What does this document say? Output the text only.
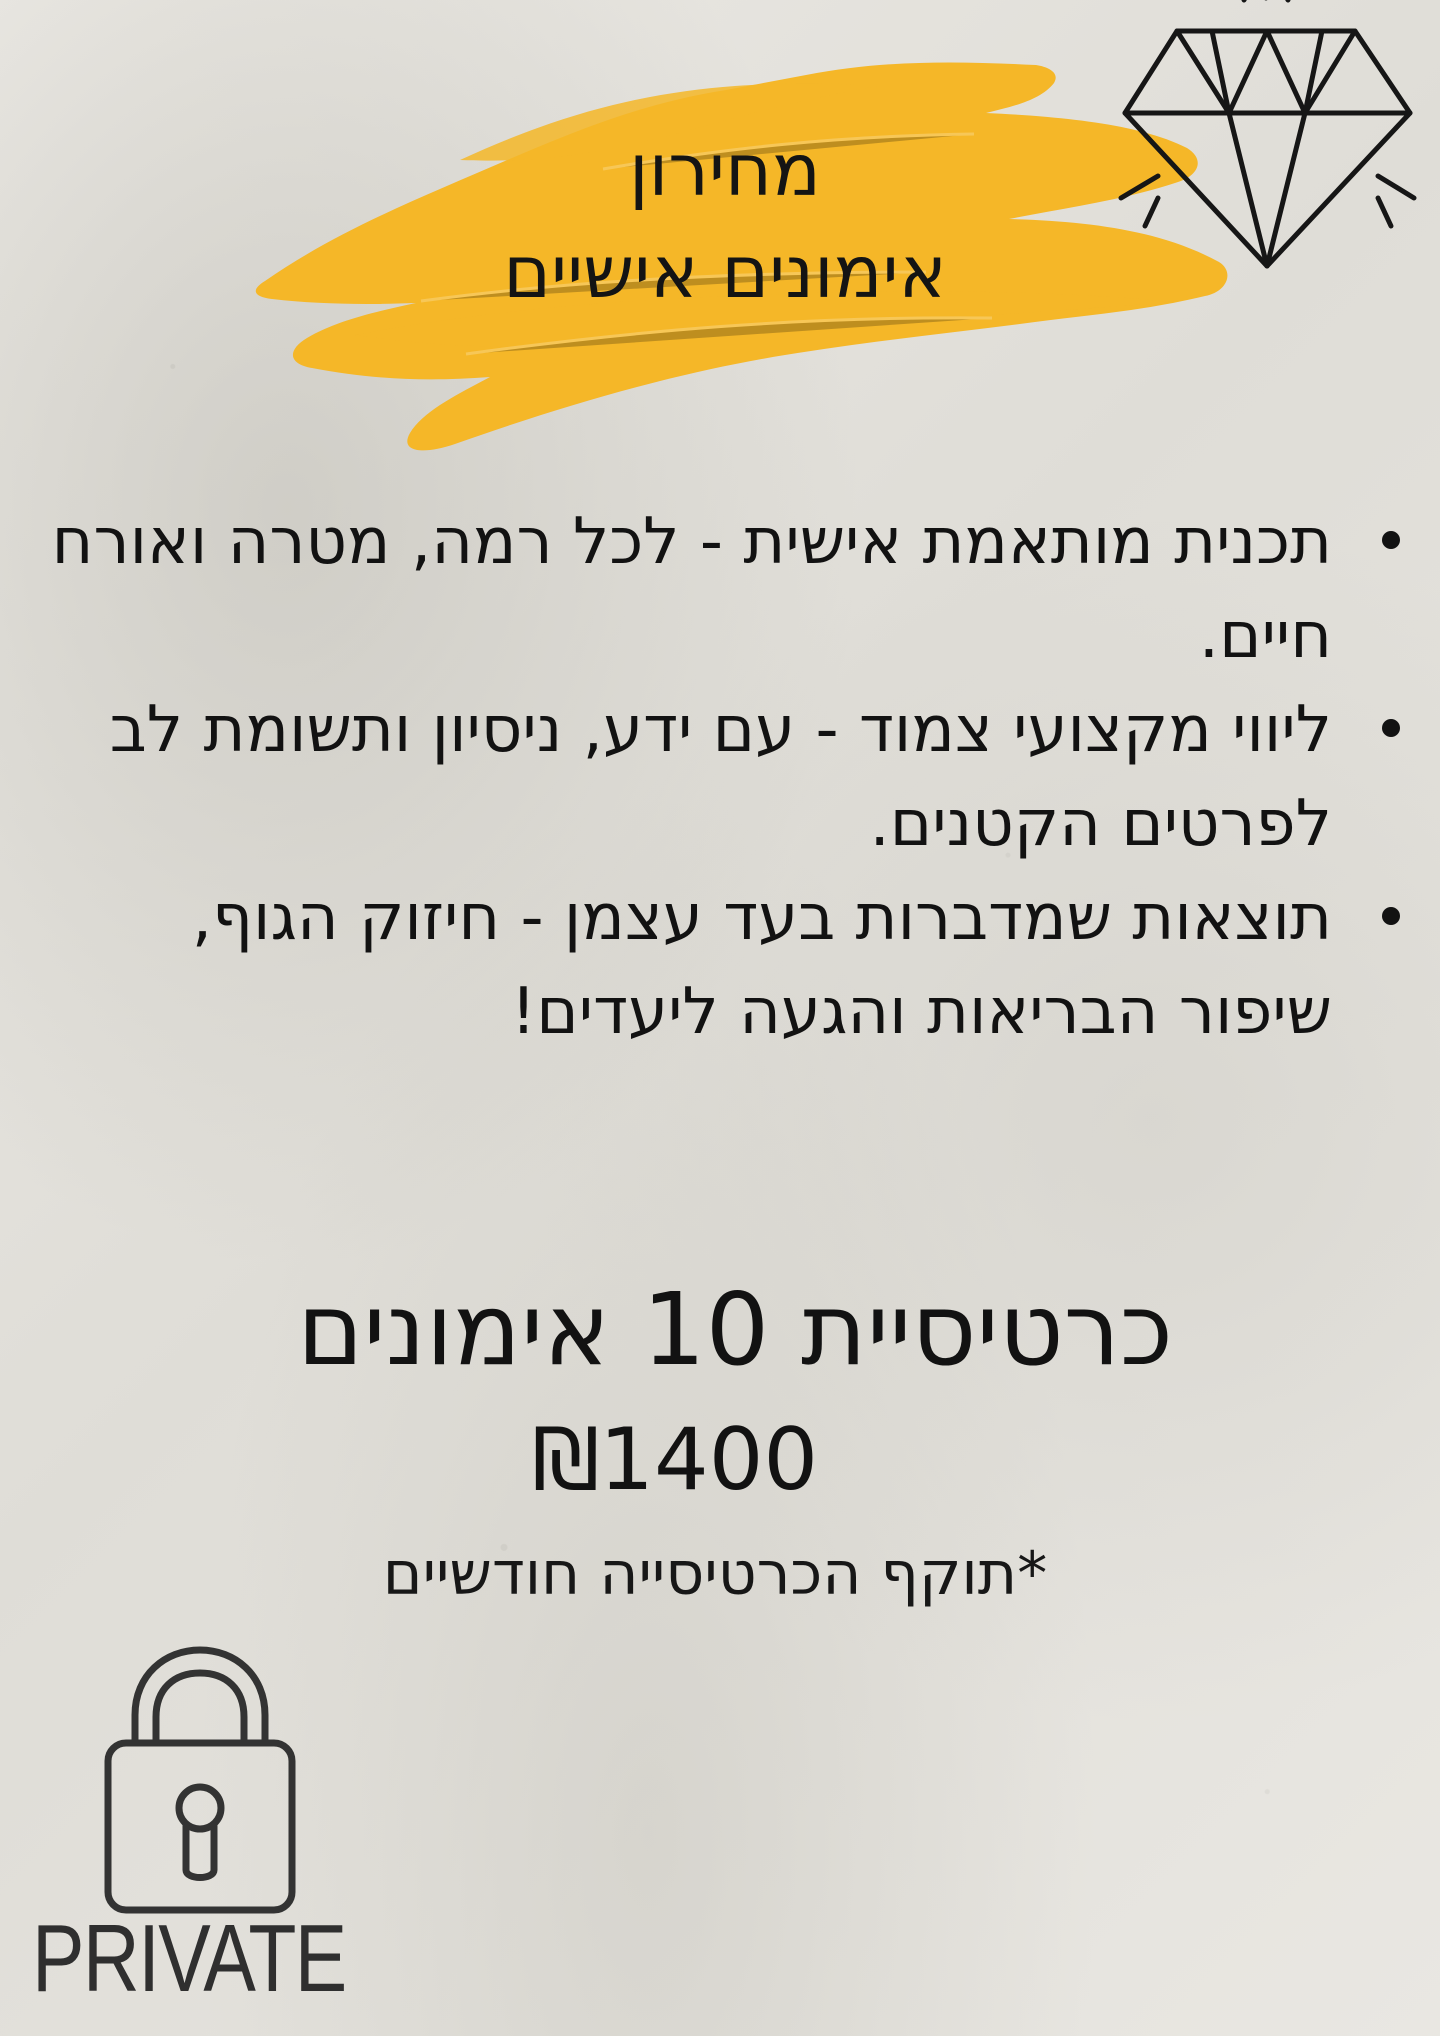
מחירון
אימונים אישיים
תכנית מותאמת אישית - לכל רמה, מטרה ואורח חיים.
ליווי מקצועי צמוד - עם ידע, ניסיון ותשומת לב לפרטים הקטנים.
תוצאות שמדברות בעד עצמן - חיזוק הגוף, שיפור הבריאות והגעה ליעדים!
כרטיסיית 10 אימונים
₪1400
*תוקף הכרטיסייה חודשיים
PRIVATE
